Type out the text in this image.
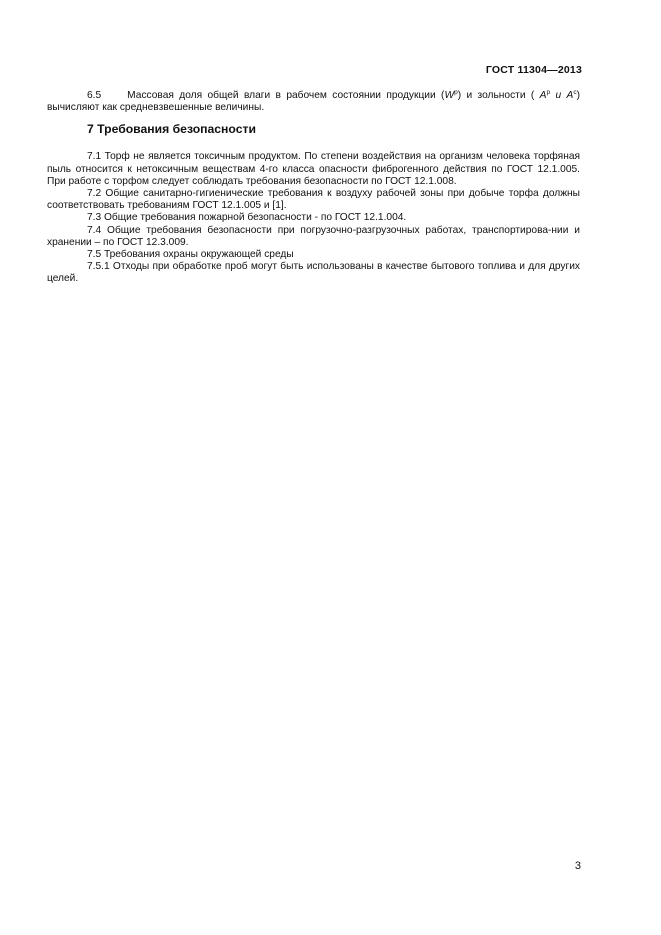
ГОСТ 11304—2013

6.5	Массовая доля общей влаги в рабочем состоянии продукции $(W^р)$ и зольности ( $A^р$ и $A^c$) вычисляют как средневзвешенные величины.

7 Требования безопасности

7.1 Торф не является токсичным продуктом. По степени воздействия на организм человека торфяная пыль относится к нетоксичным веществам 4-го класса опасности фиброгенного действия по ГОСТ 12.1.005. При работе с торфом следует соблюдать требования безопасности по ГОСТ 12.1.008.

7.2 Общие санитарно-гигиенические требования к воздуху рабочей зоны при добыче торфа должны соответствовать требованиям ГОСТ 12.1.005 и [1].

7.3 Общие требования пожарной безопасности - по ГОСТ 12.1.004.

7.4 Общие требования безопасности при погрузочно-разгрузочных работах, транспортирова-нии и хранении – по ГОСТ 12.3.009.

7.5 Требования охраны окружающей среды

7.5.1 Отходы при обработке проб могут быть использованы в качестве бытового топлива и для других целей.

3
